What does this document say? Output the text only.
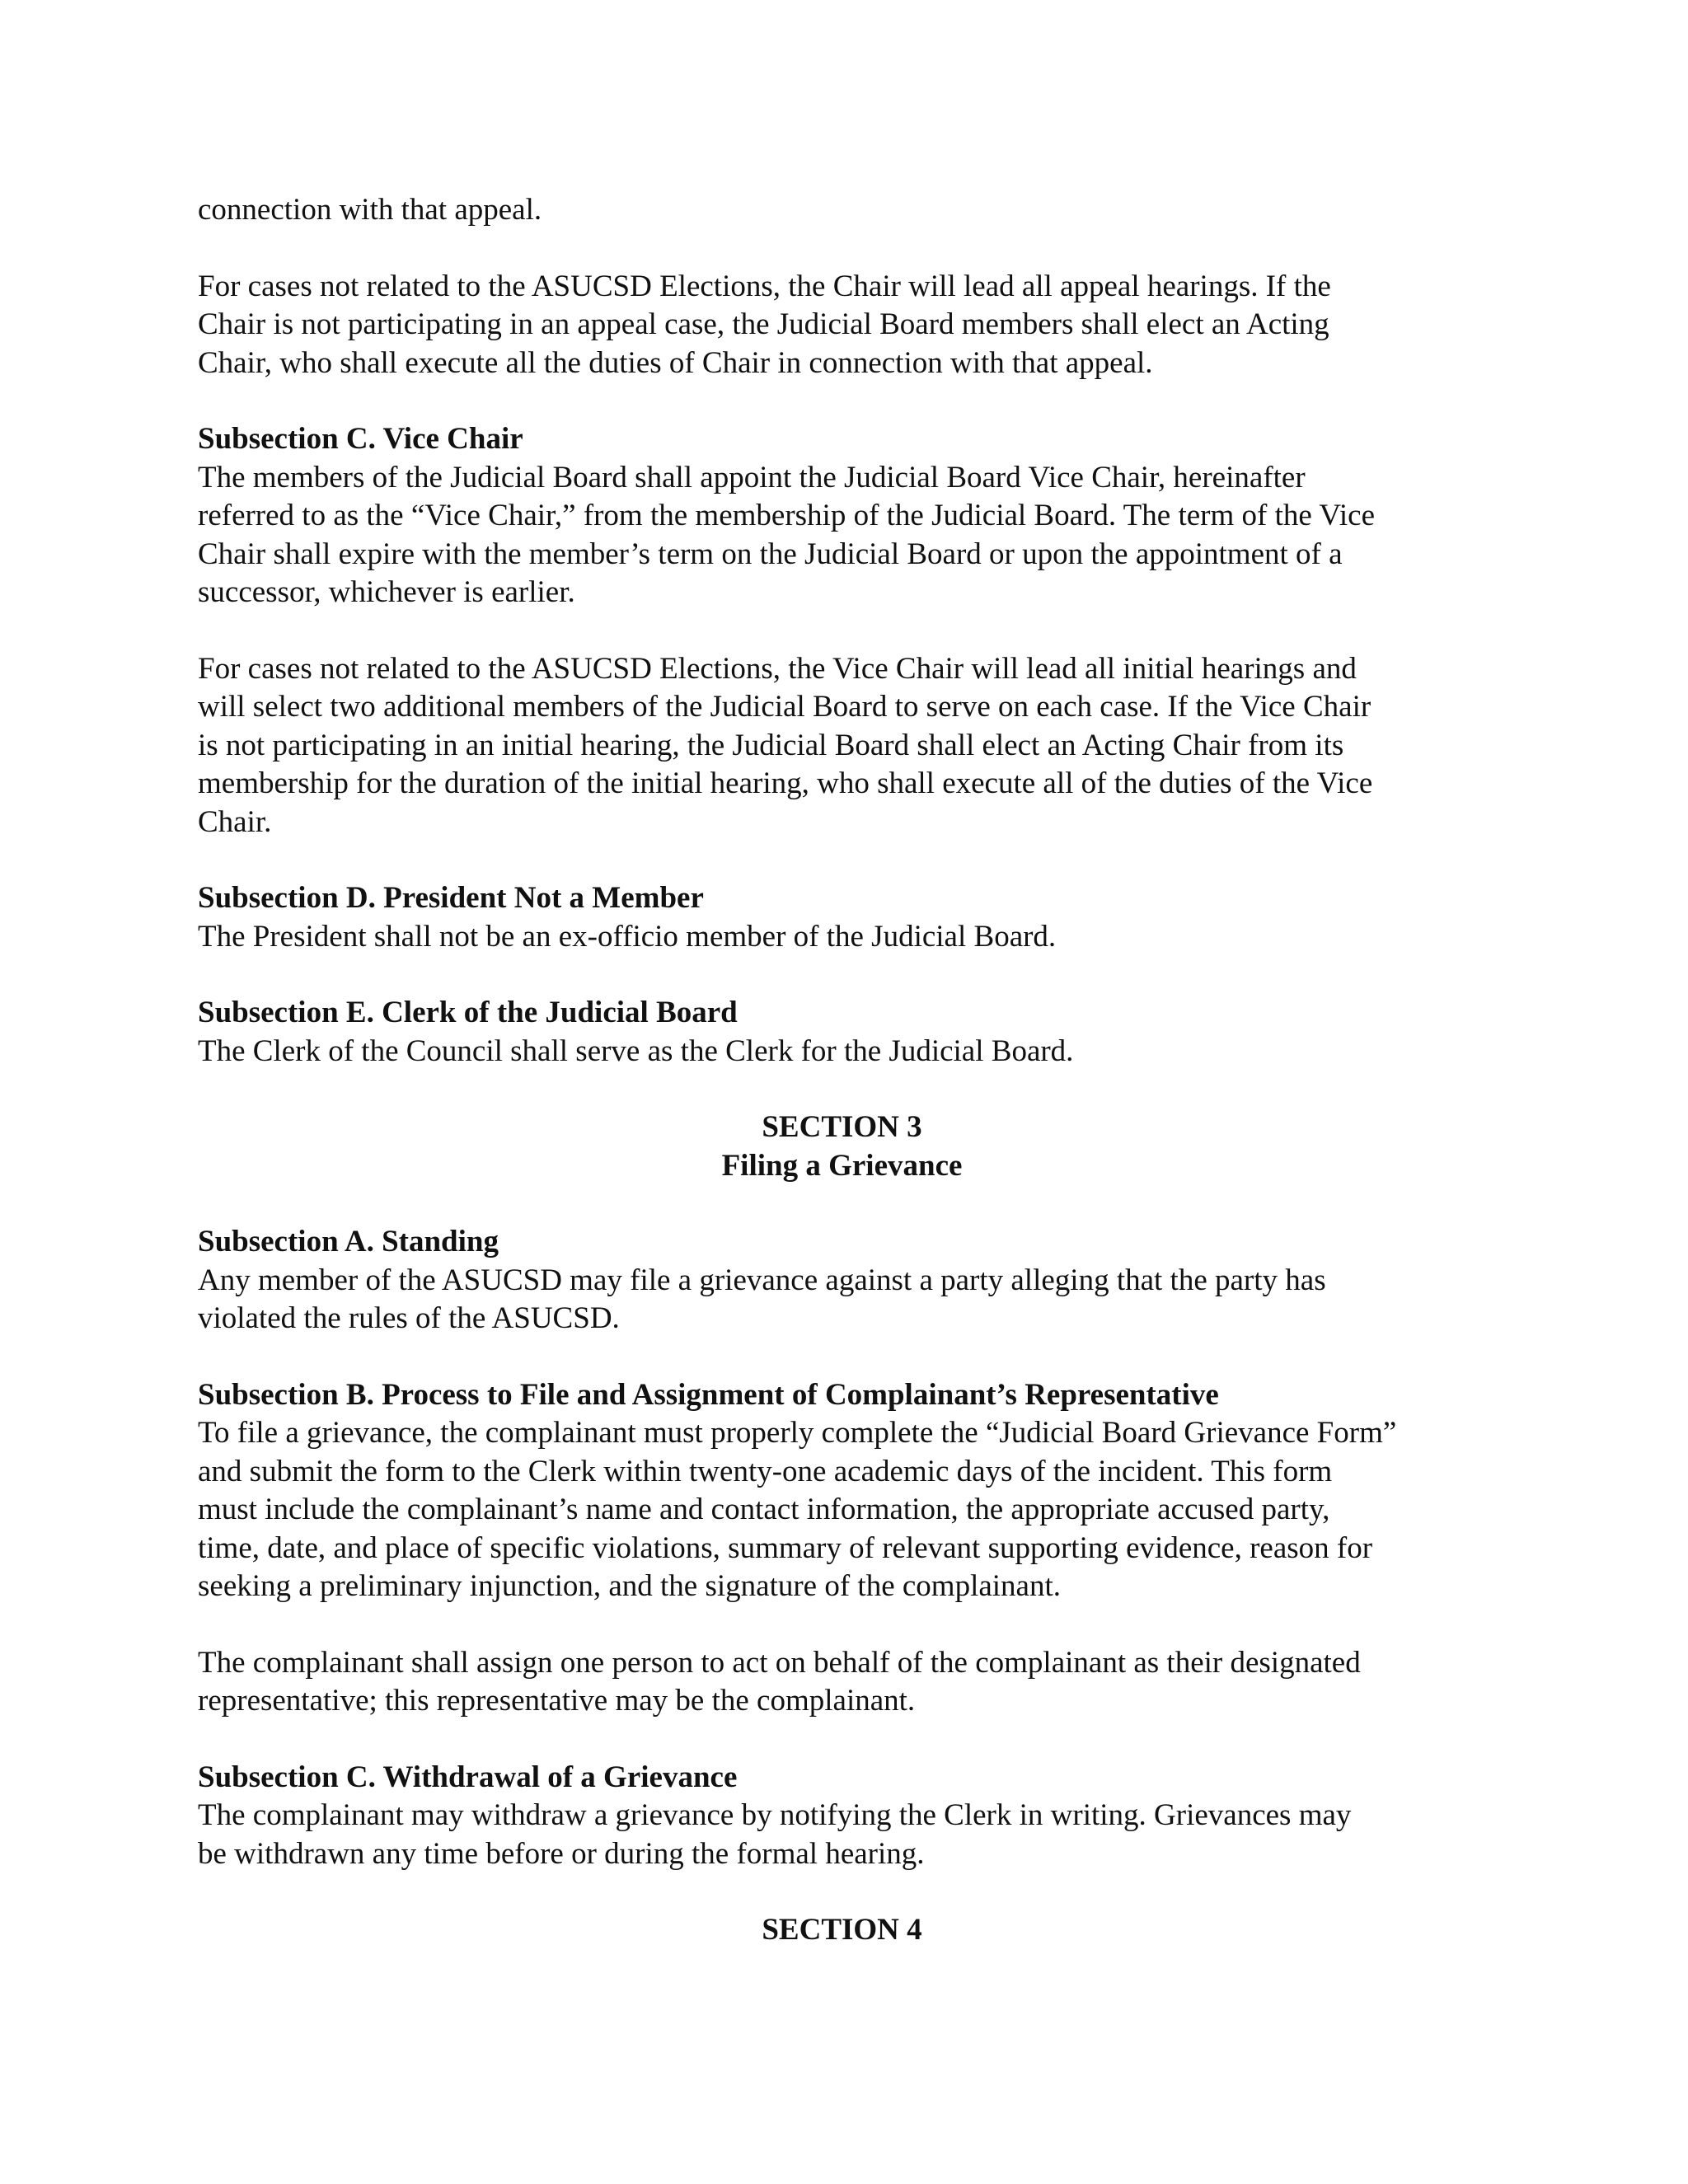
connection with that appeal.
For cases not related to the ASUCSD Elections, the Chair will lead all appeal hearings. If the
Chair is not participating in an appeal case, the Judicial Board members shall elect an Acting
Chair, who shall execute all the duties of Chair in connection with that appeal.
Subsection C. Vice Chair
The members of the Judicial Board shall appoint the Judicial Board Vice Chair, hereinafter
referred to as the “Vice Chair,” from the membership of the Judicial Board. The term of the Vice
Chair shall expire with the member’s term on the Judicial Board or upon the appointment of a
successor, whichever is earlier.
For cases not related to the ASUCSD Elections, the Vice Chair will lead all initial hearings and
will select two additional members of the Judicial Board to serve on each case. If the Vice Chair
is not participating in an initial hearing, the Judicial Board shall elect an Acting Chair from its
membership for the duration of the initial hearing, who shall execute all of the duties of the Vice
Chair.
Subsection D. President Not a Member
The President shall not be an ex-officio member of the Judicial Board.
Subsection E. Clerk of the Judicial Board
The Clerk of the Council shall serve as the Clerk for the Judicial Board.
SECTION 3
Filing a Grievance
Subsection A. Standing
Any member of the ASUCSD may file a grievance against a party alleging that the party has
violated the rules of the ASUCSD.
Subsection B. Process to File and Assignment of Complainant’s Representative
To file a grievance, the complainant must properly complete the “Judicial Board Grievance Form”
and submit the form to the Clerk within twenty-one academic days of the incident. This form
must include the complainant’s name and contact information, the appropriate accused party,
time, date, and place of specific violations, summary of relevant supporting evidence, reason for
seeking a preliminary injunction, and the signature of the complainant.
The complainant shall assign one person to act on behalf of the complainant as their designated
representative; this representative may be the complainant.
Subsection C. Withdrawal of a Grievance
The complainant may withdraw a grievance by notifying the Clerk in writing. Grievances may
be withdrawn any time before or during the formal hearing.
SECTION 4
